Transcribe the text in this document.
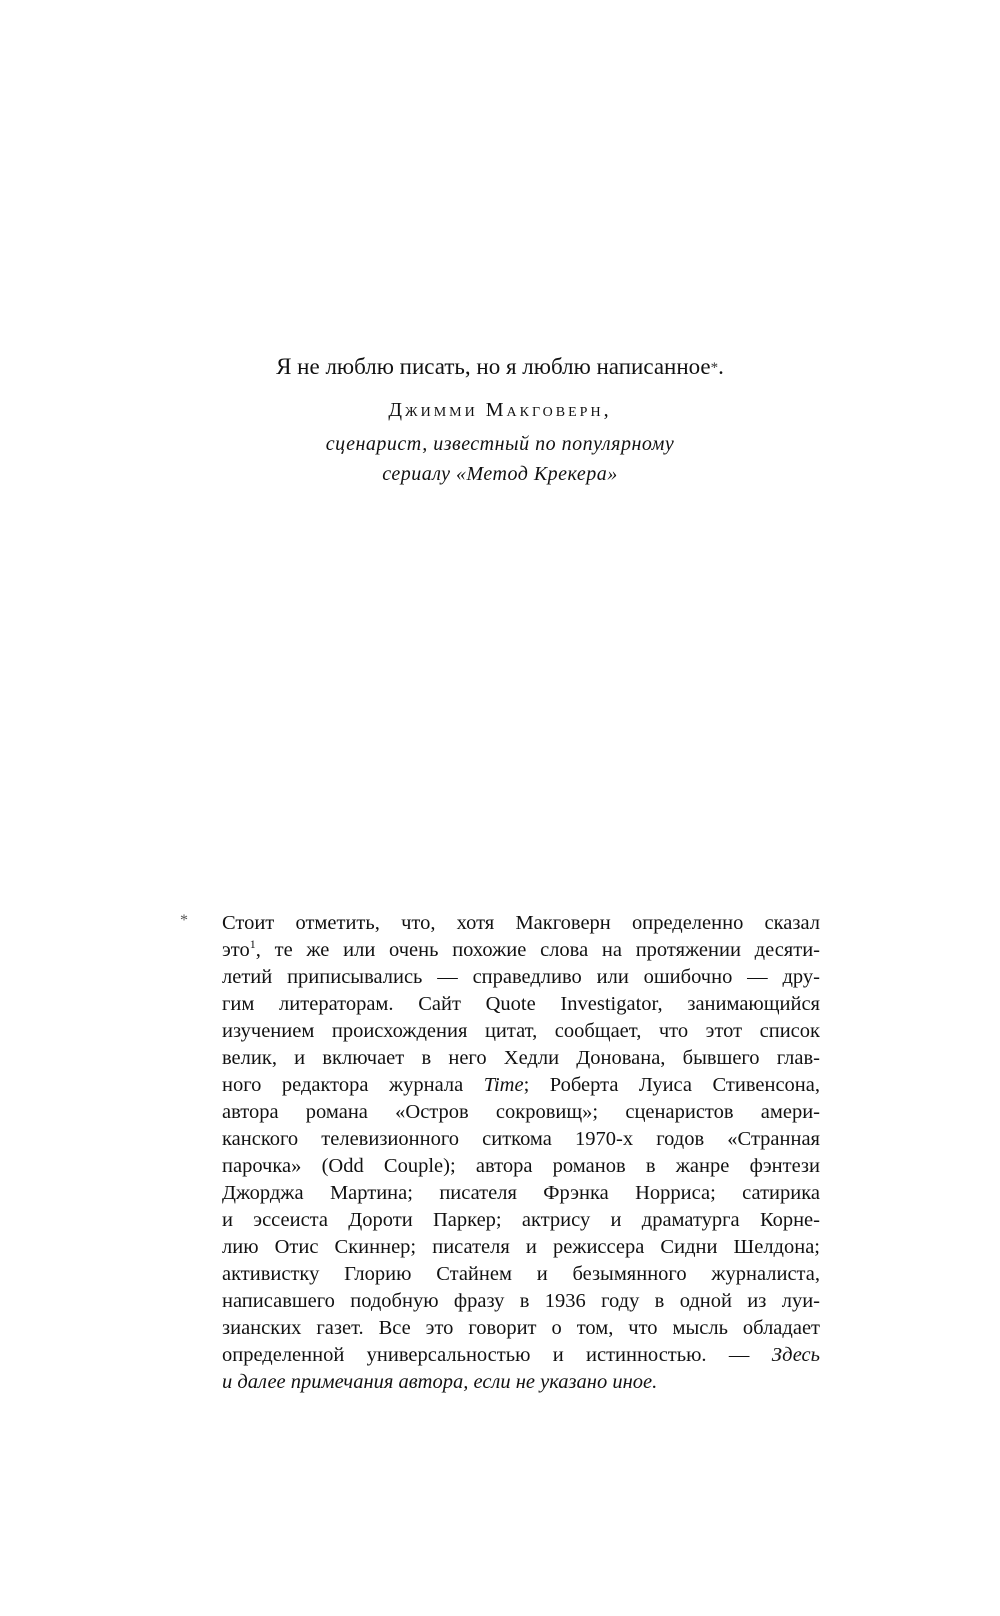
Я не люблю писать, но я люблю написанное*.

Джимми Макговерн,

сценарист, известный по популярному
сериалу «Метод Крекера»

* Стоит отметить, что, хотя Макговерн определенно сказал
это$^1$, те же или очень похожие слова на протяжении десяти-
летий приписывались — справедливо или ошибочно — дру-
гим литераторам. Сайт Quote Investigator, занимающийся
изучением происхождения цитат, сообщает, что этот список
велик, и включает в него Хедли Донована, бывшего глав-
ного редактора журнала Time; Роберта Луиса Стивенсона,
автора романа «Остров сокровищ»; сценаристов амери-
канского телевизионного ситкома 1970-х годов «Странная
парочка» (Odd Couple); автора романов в жанре фэнтези
Джорджа Мартина; писателя Фрэнка Норриса; сатирика
и эссеиста Дороти Паркер; актрису и драматурга Корне-
лию Отис Скиннер; писателя и режиссера Сидни Шелдона;
активистку Глорию Стайнем и безымянного журналиста,
написавшего подобную фразу в 1936 году в одной из луи-
зианских газет. Все это говорит о том, что мысль обладает
определенной универсальностью и истинностью. — Здесь
и далее примечания автора, если не указано иное.
